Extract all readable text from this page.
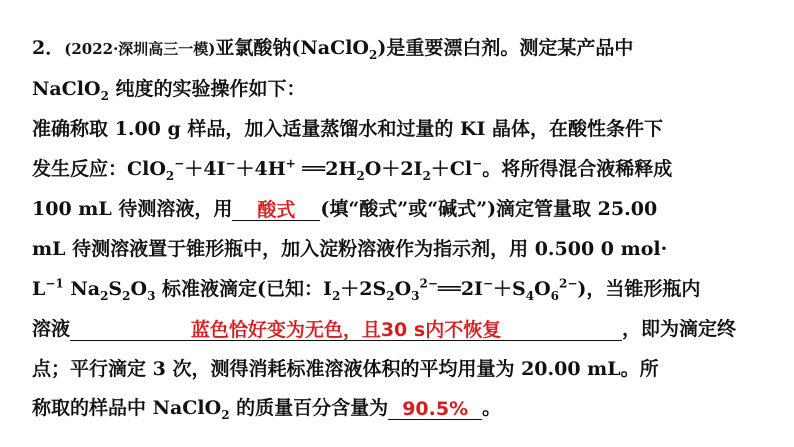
2．(2022·深圳高三一模)亚氯酸钠(NaClO$_2$)是重要漂白剂。测定某产品中
NaClO$_2$ 纯度的实验操作如下：
准确称取 1.00 g 样品，加入适量蒸馏水和过量的 KI 晶体，在酸性条件下
发生反应：ClO$_2$−＋4I−＋4H+ $══2H_2O+2I_2+Cl^-$。将所得混合液稀释成
100 mL 待测溶液，用 酸式 (填“酸式”或“碱式”)滴定管量取 25.00
mL 待测溶液置于锥形瓶中，加入淀粉溶液作为指示剂，用 0.500 0 mol·
$L^{-1}$ $Na_2S_2O_3$ 标准液滴定(已知：$I_2+2S_2O_3^{2-}══2I^-+S_4O_6^{2-}$)，当锥形瓶内
溶液	蓝色恰好变为无色，且30 s内不恢复	，即为滴定终
点；平行滴定 3 次，测得消耗标准溶液体积的平均用量为 20.00 mL。所
称取的样品中 NaClO$_2$ 的质量百分含量为 90.5% 。
